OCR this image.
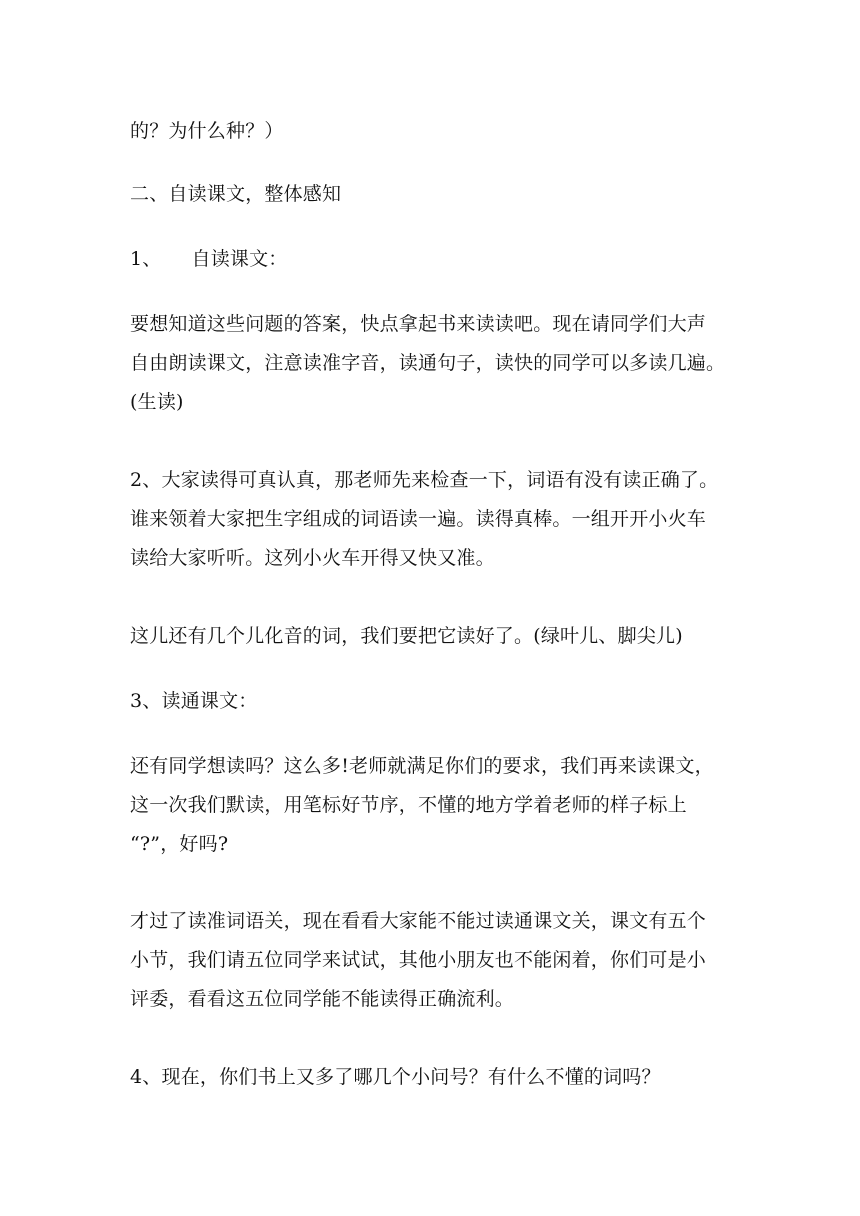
的？为什么种？）

二、自读课文，整体感知

1、 自读课文：

要想知道这些问题的答案，快点拿起书来读读吧。现在请同学们大声
自由朗读课文，注意读准字音，读通句子，读快的同学可以多读几遍。
(生读)

2、大家读得可真认真，那老师先来检查一下，词语有没有读正确了。
谁来领着大家把生字组成的词语读一遍。读得真棒。一组开开小火车
读给大家听听。这列小火车开得又快又准。

这儿还有几个儿化音的词，我们要把它读好了。(绿叶儿、脚尖儿)

3、读通课文：

还有同学想读吗？这么多!老师就满足你们的要求，我们再来读课文，
这一次我们默读，用笔标好节序，不懂的地方学着老师的样子标上
“?”，好吗?

才过了读准词语关，现在看看大家能不能过读通课文关，课文有五个
小节，我们请五位同学来试试，其他小朋友也不能闲着，你们可是小
评委，看看这五位同学能不能读得正确流利。

4、现在，你们书上又多了哪几个小问号？有什么不懂的词吗？
